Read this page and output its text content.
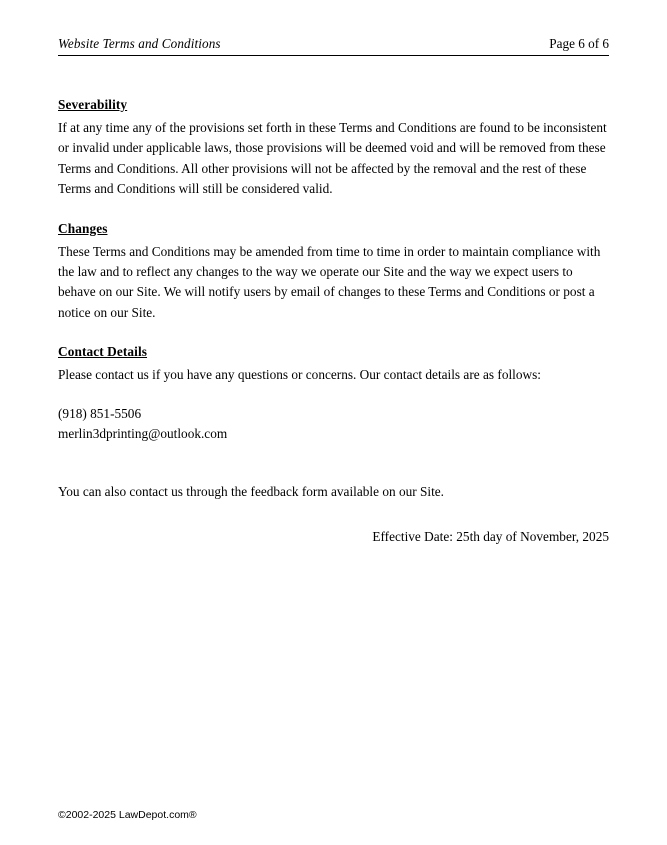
Website Terms and Conditions	Page 6 of 6
Severability
If at any time any of the provisions set forth in these Terms and Conditions are found to be inconsistent or invalid under applicable laws, those provisions will be deemed void and will be removed from these Terms and Conditions. All other provisions will not be affected by the removal and the rest of these Terms and Conditions will still be considered valid.
Changes
These Terms and Conditions may be amended from time to time in order to maintain compliance with the law and to reflect any changes to the way we operate our Site and the way we expect users to behave on our Site. We will notify users by email of changes to these Terms and Conditions or post a notice on our Site.
Contact Details
Please contact us if you have any questions or concerns. Our contact details are as follows:
(918) 851-5506
merlin3dprinting@outlook.com
You can also contact us through the feedback form available on our Site.
Effective Date: 25th day of November, 2025
©2002-2025 LawDepot.com®
